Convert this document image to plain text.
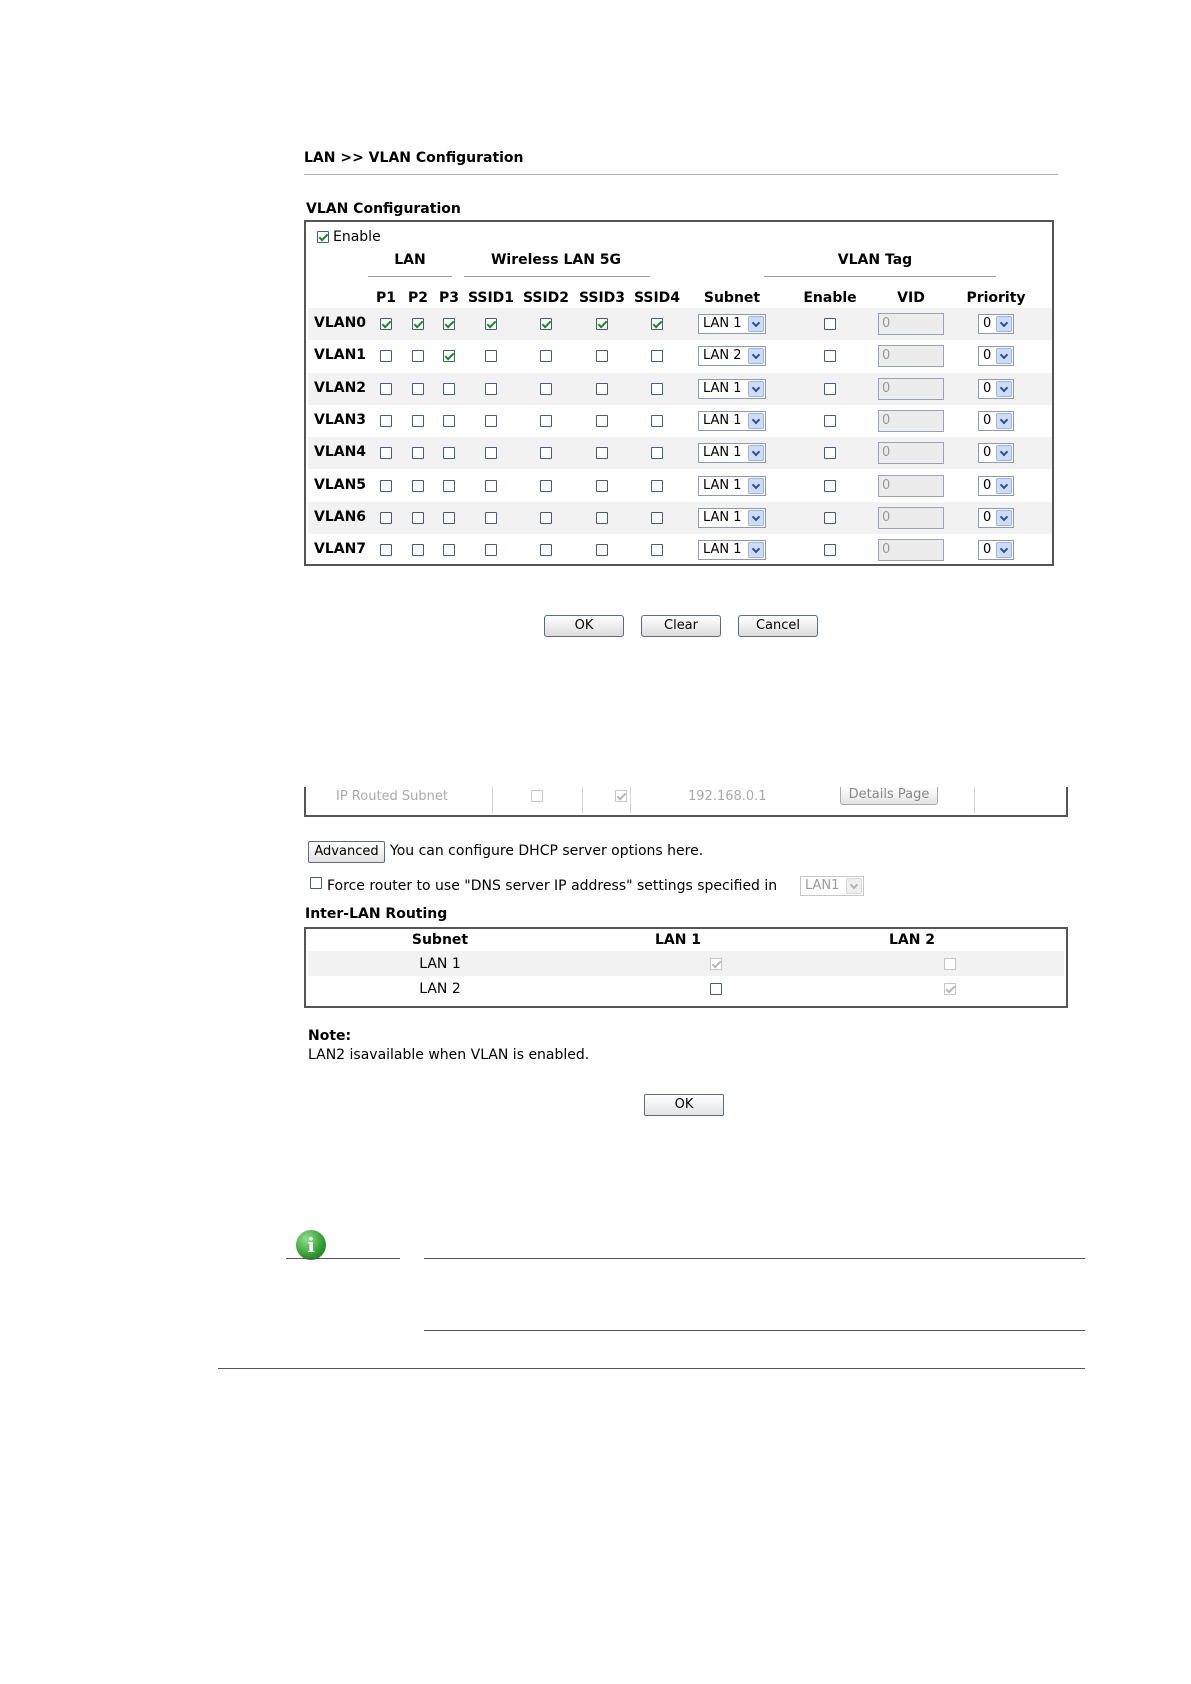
LAN >> VLAN Configuration
VLAN Configuration
Enable
LAN	Wireless LAN 5G	VLAN Tag
P1 P2 P3 SSID1 SSID2 SSID3 SSID4	Subnet	Enable	VID	Priority
VLAN0	LAN 1	0	0
VLAN1	LAN 2	0	0
VLAN2	LAN 1	0	0
VLAN3	LAN 1	0	0
VLAN4	LAN 1	0	0
VLAN5	LAN 1	0	0
VLAN6	LAN 1	0	0
VLAN7	LAN 1	0	0
OK	Clear	Cancel
IP Routed Subnet	192.168.0.1	Details Page
Advanced You can configure DHCP server options here.
Force router to use "DNS server IP address" settings specified in	LAN1
Inter-LAN Routing
Subnet	LAN 1	LAN 2
LAN 1
LAN 2
Note:
LAN2 isavailable when VLAN is enabled.
OK
i
